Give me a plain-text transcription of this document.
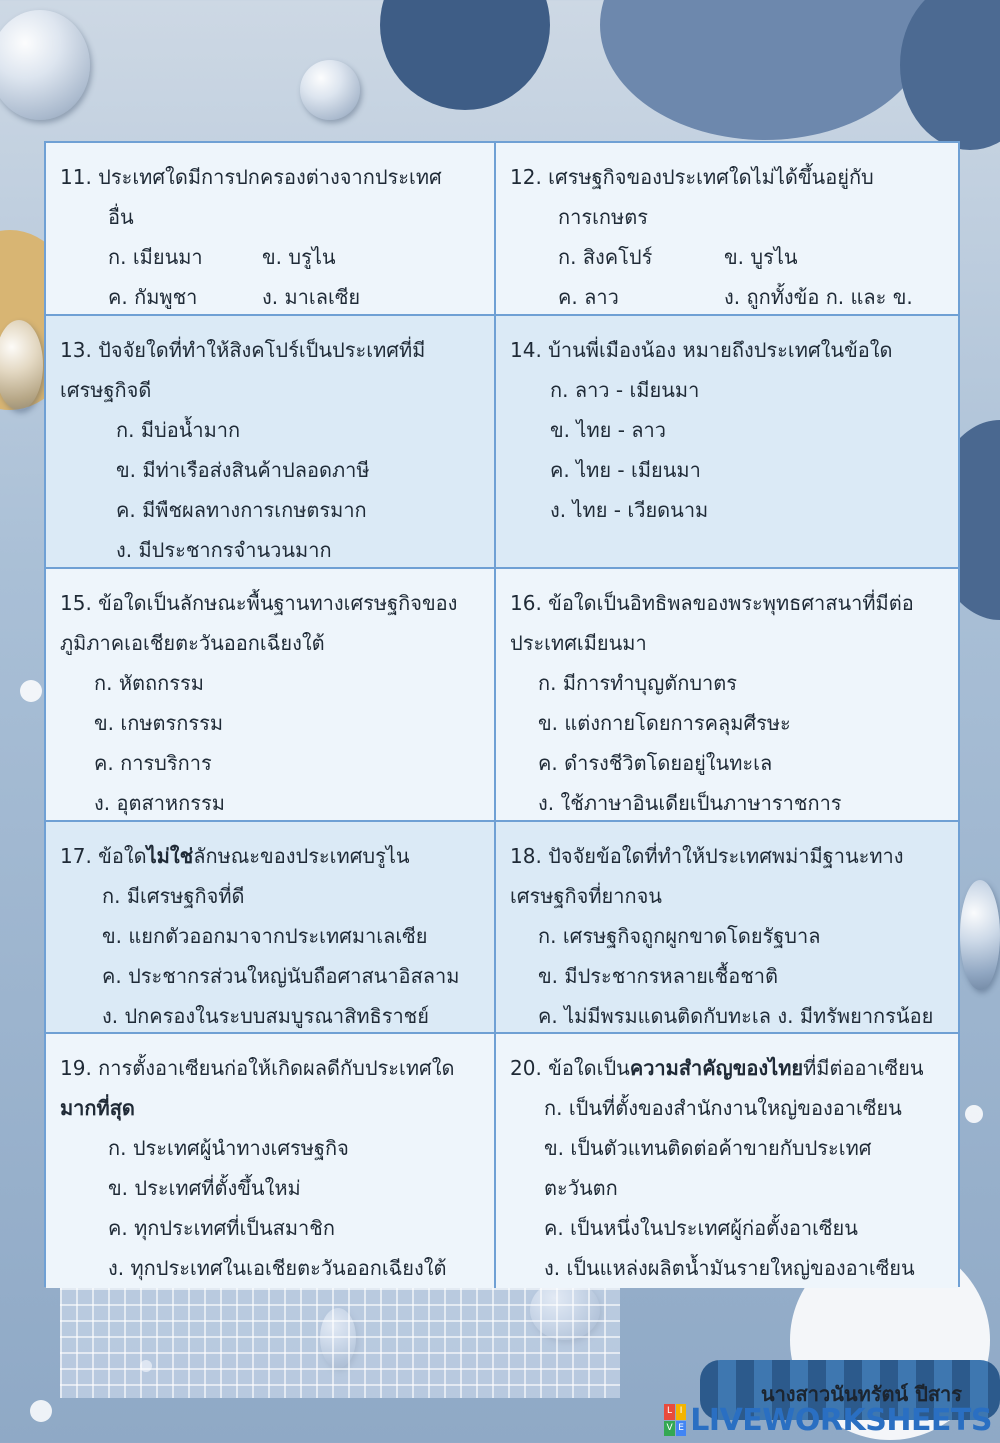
11. ประเทศใดมีการปกครองต่างจากประเทศ
อื่น
ก. เมียนมา	ข. บรูไน
ค. กัมพูชา	ง. มาเลเซีย
12. เศรษฐกิจของประเทศใดไม่ได้ขึ้นอยู่กับ
การเกษตร
ก. สิงคโปร์	ข. บูรไน
ค. ลาว	ง. ถูกทั้งข้อ ก. และ ข.
13. ปัจจัยใดที่ทำให้สิงคโปร์เป็นประเทศที่มี
เศรษฐกิจดี
ก. มีบ่อน้ำมาก
ข. มีท่าเรือส่งสินค้าปลอดภาษี
ค. มีพืชผลทางการเกษตรมาก
ง. มีประชากรจำนวนมาก
14. บ้านพี่เมืองน้อง หมายถึงประเทศในข้อใด
ก. ลาว - เมียนมา
ข. ไทย - ลาว
ค. ไทย - เมียนมา
ง. ไทย - เวียดนาม
15. ข้อใดเป็นลักษณะพื้นฐานทางเศรษฐกิจของ
ภูมิภาคเอเชียตะวันออกเฉียงใต้
ก. หัตถกรรม
ข. เกษตรกรรม
ค. การบริการ
ง. อุตสาหกรรม
16. ข้อใดเป็นอิทธิพลของพระพุทธศาสนาที่มีต่อ
ประเทศเมียนมา
ก. มีการทำบุญตักบาตร
ข. แต่งกายโดยการคลุมศีรษะ
ค. ดำรงชีวิตโดยอยู่ในทะเล
ง. ใช้ภาษาอินเดียเป็นภาษาราชการ
17. ข้อใดไม่ใช่ลักษณะของประเทศบรูไน
ก. มีเศรษฐกิจที่ดี
ข. แยกตัวออกมาจากประเทศมาเลเซีย
ค. ประชากรส่วนใหญ่นับถือศาสนาอิสลาม
ง. ปกครองในระบบสมบูรณาสิทธิราชย์
18. ปัจจัยข้อใดที่ทำให้ประเทศพม่ามีฐานะทาง
เศรษฐกิจที่ยากจน
ก. เศรษฐกิจถูกผูกขาดโดยรัฐบาล
ข. มีประชากรหลายเชื้อชาติ
ค. ไม่มีพรมแดนติดกับทะเล ง. มีทรัพยากรน้อย
19. การตั้งอาเซียนก่อให้เกิดผลดีกับประเทศใด
มากที่สุด
ก. ประเทศผู้นำทางเศรษฐกิจ
ข. ประเทศที่ตั้งขึ้นใหม่
ค. ทุกประเทศที่เป็นสมาชิก
ง. ทุกประเทศในเอเชียตะวันออกเฉียงใต้
20. ข้อใดเป็นความสำคัญของไทยที่มีต่ออาเซียน
ก. เป็นที่ตั้งของสำนักงานใหญ่ของอาเซียน
ข. เป็นตัวแทนติดต่อค้าขายกับประเทศ
ตะวันตก
ค. เป็นหนึ่งในประเทศผู้ก่อตั้งอาเซียน
ง. เป็นแหล่งผลิตน้ำมันรายใหญ่ของอาเซียน
นางสาวนันทรัตน์ ปีสาร
L I
V E LIVEWORKSHEETS
